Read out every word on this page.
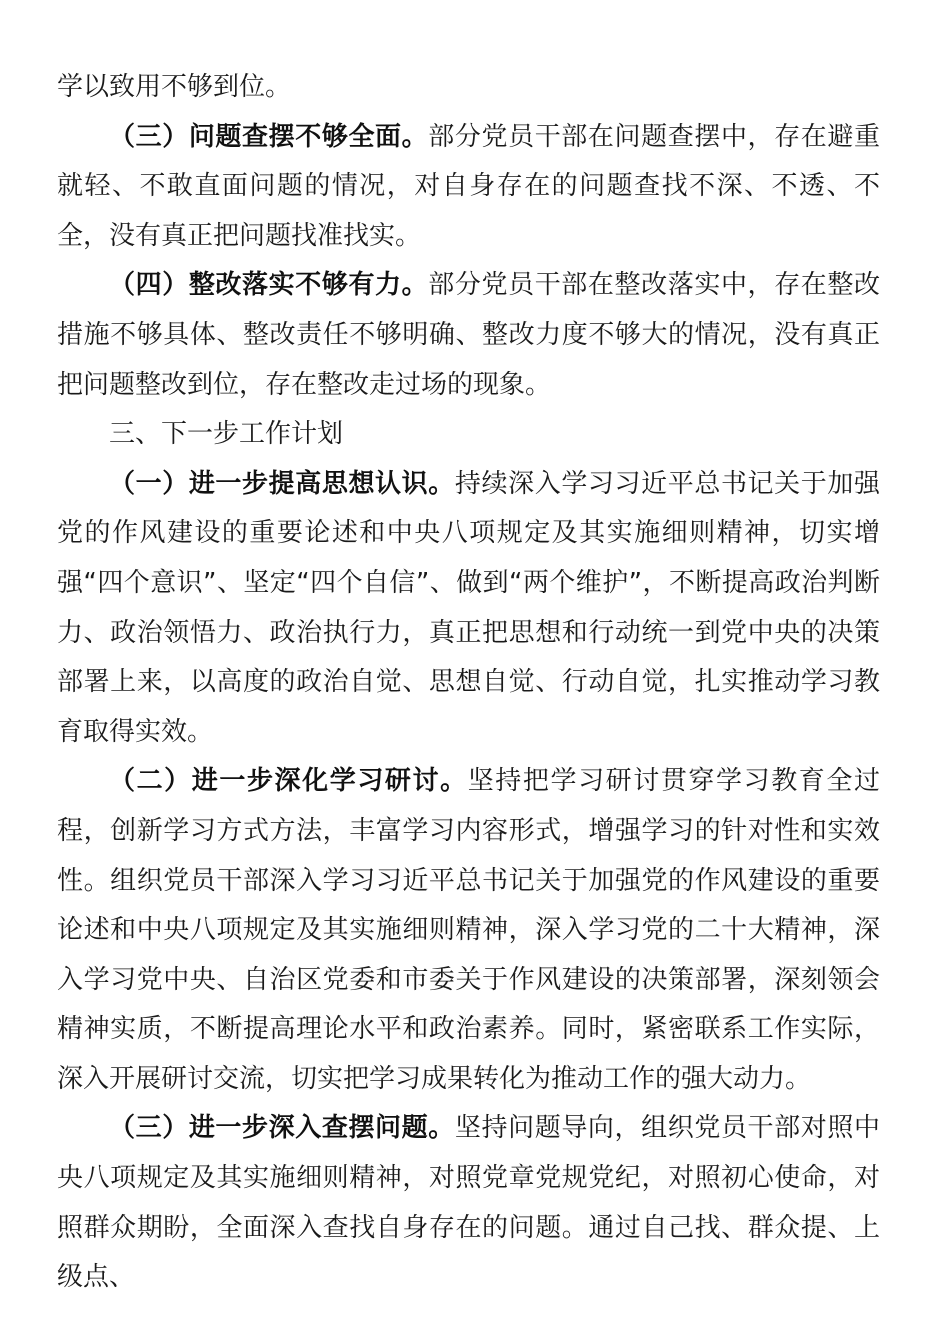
学以致用不够到位。

（三）问题查摆不够全面。部分党员干部在问题查摆中，存在避重就轻、不敢直面问题的情况，对自身存在的问题查找不深、不透、不全，没有真正把问题找准找实。

（四）整改落实不够有力。部分党员干部在整改落实中，存在整改措施不够具体、整改责任不够明确、整改力度不够大的情况，没有真正把问题整改到位，存在整改走过场的现象。

三、下一步工作计划

（一）进一步提高思想认识。持续深入学习习近平总书记关于加强党的作风建设的重要论述和中央八项规定及其实施细则精神，切实增强“四个意识”、坚定“四个自信”、做到“两个维护”，不断提高政治判断力、政治领悟力、政治执行力，真正把思想和行动统一到党中央的决策部署上来，以高度的政治自觉、思想自觉、行动自觉，扎实推动学习教育取得实效。

（二）进一步深化学习研讨。坚持把学习研讨贯穿学习教育全过程，创新学习方式方法，丰富学习内容形式，增强学习的针对性和实效性。组织党员干部深入学习习近平总书记关于加强党的作风建设的重要论述和中央八项规定及其实施细则精神，深入学习党的二十大精神，深入学习党中央、自治区党委和市委关于作风建设的决策部署，深刻领会精神实质，不断提高理论水平和政治素养。同时，紧密联系工作实际，深入开展研讨交流，切实把学习成果转化为推动工作的强大动力。

（三）进一步深入查摆问题。坚持问题导向，组织党员干部对照中央八项规定及其实施细则精神，对照党章党规党纪，对照初心使命，对照群众期盼，全面深入查找自身存在的问题。通过自己找、群众提、上级点、
